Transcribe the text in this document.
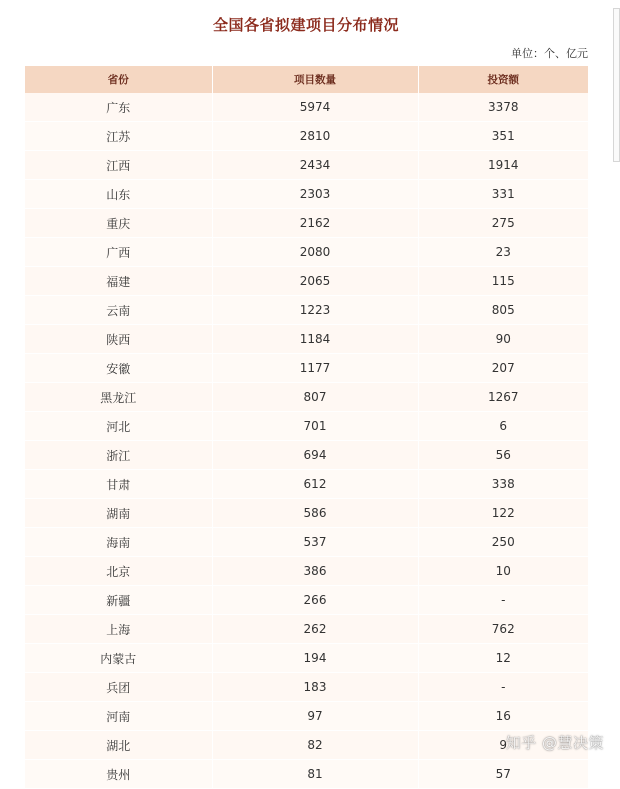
全国各省拟建项目分布情况
单位：个、亿元
省份	项目数量	投资额
广东	5974	3378
江苏	2810	351
江西	2434	1914
山东	2303	331
重庆	2162	275
广西	2080	23
福建	2065	115
云南	1223	805
陕西	1184	90
安徽	1177	207
黑龙江	807	1267
河北	701	6
浙江	694	56
甘肃	612	338
湖南	586	122
海南	537	250
北京	386	10
新疆	266	-
上海	262	762
内蒙古	194	12
兵团	183	-
河南	97	16
湖北	82	9
贵州	81	57
知乎 @慧决策
